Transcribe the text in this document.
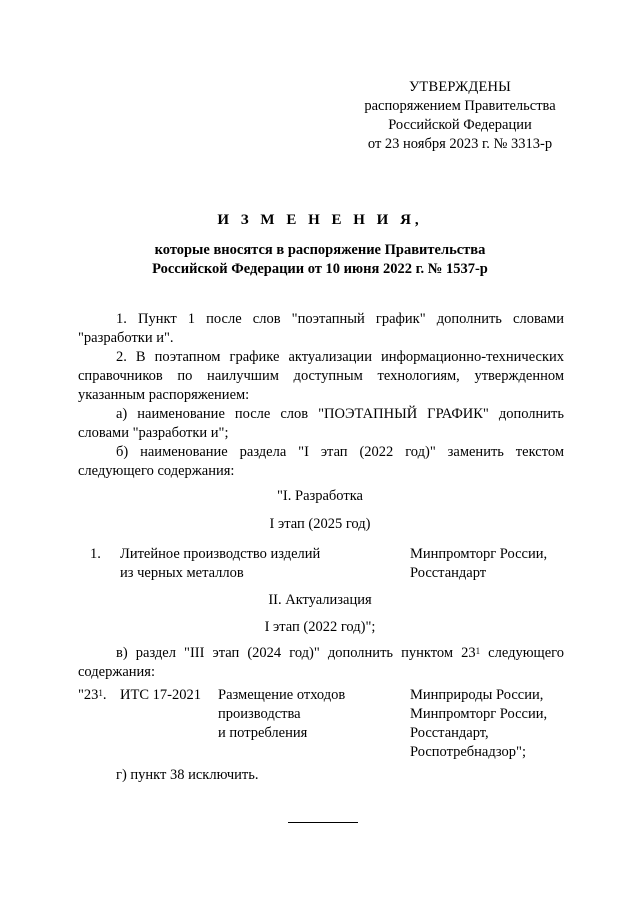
УТВЕРЖДЕНЫ
распоряжением Правительства
Российской Федерации
от 23 ноября 2023 г. № 3313-р
И З М Е Н Е Н И Я,
которые вносятся в распоряжение Правительства
Российской Федерации от 10 июня 2022 г. № 1537-р

1. Пункт 1 после слов "поэтапный график" дополнить словами "разработки и".

2. В поэтапном графике актуализации информационно-технических справочников по наилучшим доступным технологиям, утвержденном указанным распоряжением:

а) наименование после слов "ПОЭТАПНЫЙ ГРАФИК" дополнить словами "разработки и";

б) наименование раздела "I этап (2022 год)" заменить текстом следующего содержания:

"I. Разработка
I этап (2025 год)
1. Литейное производство изделий
из черных металлов
Минпромторг России,
Росстандарт
II. Актуализация
I этап (2022 год)";

в) раздел "III этап (2024 год)" дополнить пунктом $23^1$ следующего содержания:

"$23^1$. ИТС 17-2021 Размещение отходов
производства
и потребления
Минприроды России,
Минпромторг России,
Росстандарт,
Роспотребнадзор";
г) пункт 38 исключить.
